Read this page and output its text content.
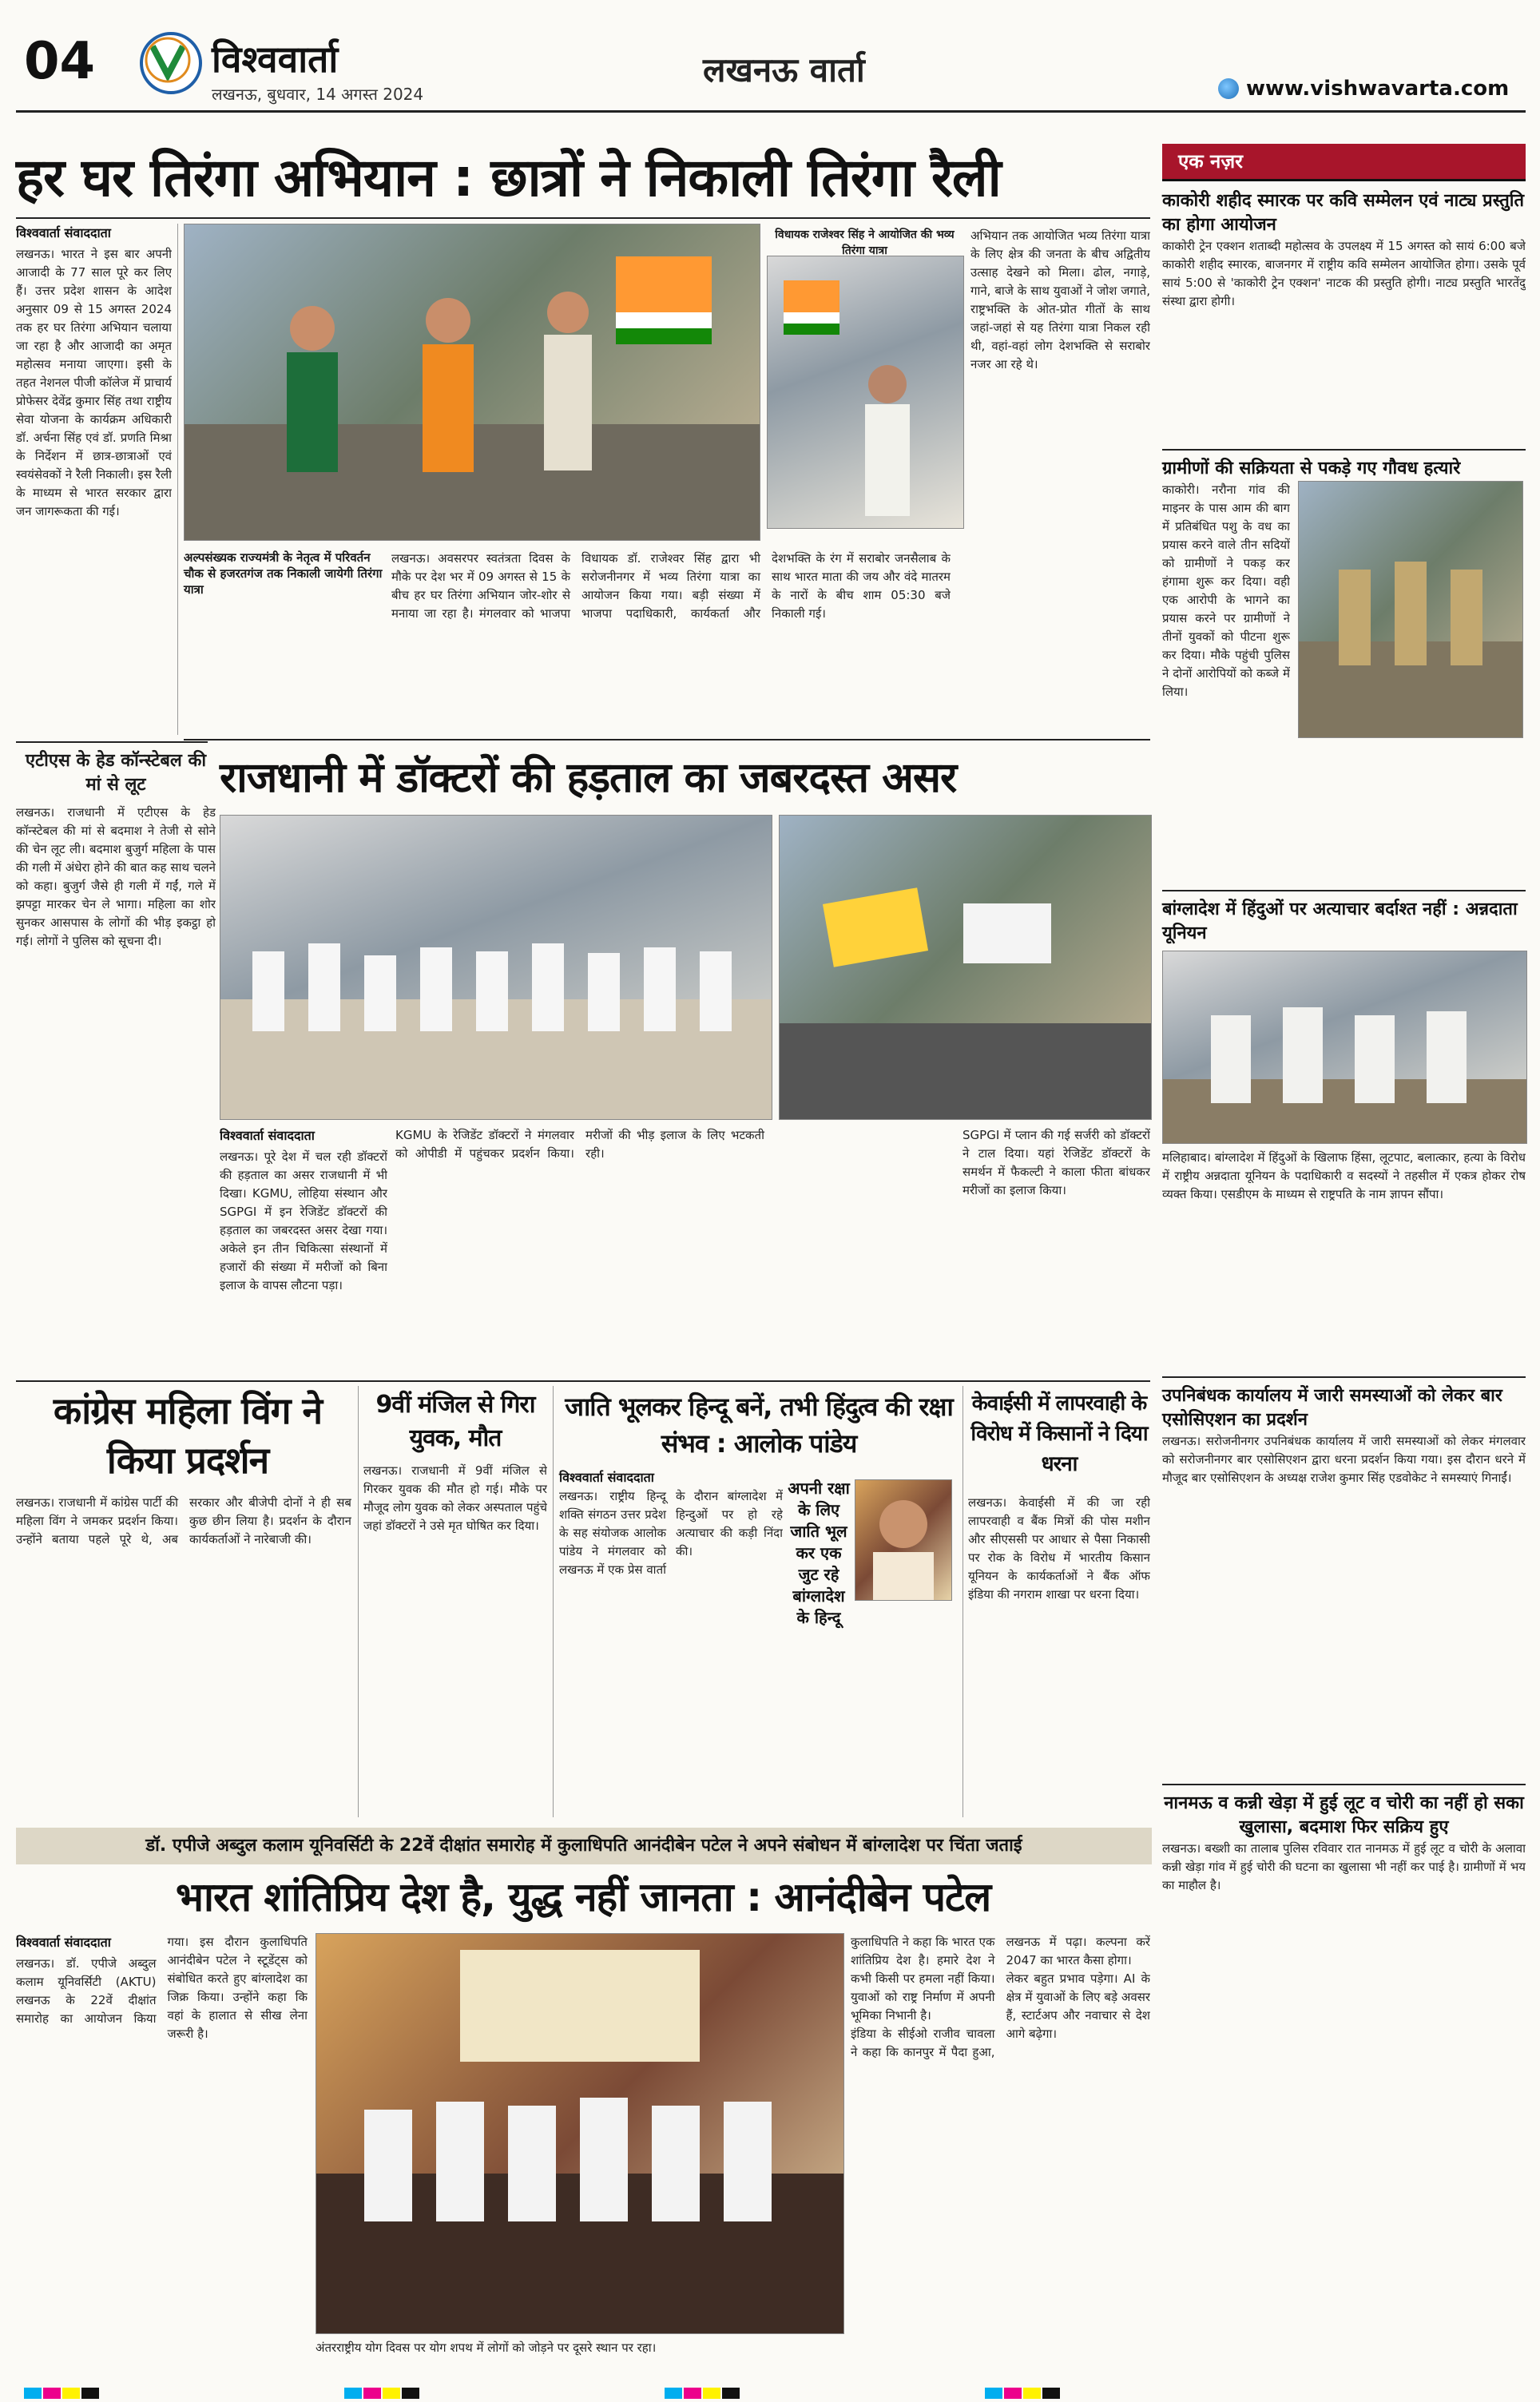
04	विश्ववार्ता
लखनऊ, बुधवार, 14 अगस्त 2024
लखनऊ वार्ता	www.vishwavarta.com
हर घर तिरंगा अभियान : छात्रों ने निकाली तिरंगा रैली
विश्ववार्ता संवाददाता
लखनऊ। भारत ने इस बार अपनी आजादी के 77 साल पूरे कर लिए हैं। उत्तर प्रदेश शासन के आदेश अनुसार 09 से 15 अगस्त 2024 तक हर घर तिरंगा अभियान चलाया जा रहा है और आजादी का अमृत महोत्सव मनाया जाएगा। इसी के तहत नेशनल पीजी कॉलेज में प्राचार्य प्रोफेसर देवेंद्र कुमार सिंह तथा राष्ट्रीय सेवा योजना के कार्यक्रम अधिकारी डॉ. अर्चना सिंह एवं डॉ. प्रणति मिश्रा के निर्देशन में छात्र-छात्राओं एवं स्वयंसेवकों ने रैली निकाली। इस रैली के माध्यम से भारत सरकार द्वारा जन जागरूकता की गई।
विधायक राजेश्वर सिंह ने आयोजित की भव्य तिरंगा यात्रा
अभियान तक आयोजित भव्य तिरंगा यात्रा के लिए क्षेत्र की जनता के बीच अद्वितीय उत्साह देखने को मिला। ढोल, नगाड़े, गाने, बाजे के साथ युवाओं ने जोश जगाते, राष्ट्रभक्ति के ओत-प्रोत गीतों के साथ जहां-जहां से यह तिरंगा यात्रा निकल रही थी, वहां-वहां लोग देशभक्ति से सराबोर नजर आ रहे थे।
अल्पसंख्यक राज्यमंत्री के नेतृत्व में परिवर्तन चौक से हजरतगंज तक निकाली जायेगी तिरंगा यात्रा
लखनऊ। अवसरपर स्वतंत्रता दिवस के मौके पर देश भर में 09 अगस्त से 15 के बीच हर घर तिरंगा अभियान जोर-शोर से मनाया जा रहा है। मंगलवार को भाजपा विधायक डॉ. राजेश्वर सिंह द्वारा भी सरोजनीनगर में भव्य तिरंगा यात्रा का आयोजन किया गया। बड़ी संख्या में भाजपा पदाधिकारी, कार्यकर्ता और देशभक्ति के रंग में सराबोर जनसैलाब के साथ भारत माता की जय और वंदे मातरम के नारों के बीच शाम 05:30 बजे निकाली गई।
एटीएस के हेड कॉन्स्टेबल की मां से लूट
लखनऊ। राजधानी में एटीएस के हेड कॉन्स्टेबल की मां से बदमाश ने तेजी से सोने की चेन लूट ली। बदमाश बुजुर्ग महिला के पास की गली में अंधेरा होने की बात कह साथ चलने को कहा। बुजुर्ग जैसे ही गली में गईं, गले में झपट्टा मारकर चेन ले भागा। महिला का शोर सुनकर आसपास के लोगों की भीड़ इकट्ठा हो गई। लोगों ने पुलिस को सूचना दी।
राजधानी में डॉक्टरों की हड़ताल का जबरदस्त असर
विश्ववार्ता संवाददाता
लखनऊ। पूरे देश में चल रही डॉक्टरों की हड़ताल का असर राजधानी में भी दिखा। KGMU, लोहिया संस्थान और SGPGI में इन रेजिडेंट डॉक्टरों की हड़ताल का जबरदस्त असर देखा गया। अकेले इन तीन चिकित्सा संस्थानों में हजारों की संख्या में मरीजों को बिना इलाज के वापस लौटना पड़ा।
KGMU के रेजिडेंट डॉक्टरों ने मंगलवार को ओपीडी में पहुंचकर प्रदर्शन किया। मरीजों की भीड़ इलाज के लिए भटकती रही।
SGPGI में प्लान की गई सर्जरी को डॉक्टरों ने टाल दिया। यहां रेजिडेंट डॉक्टरों के समर्थन में फैकल्टी ने काला फीता बांधकर मरीजों का इलाज किया।
कांग्रेस महिला विंग ने किया प्रदर्शन
लखनऊ। राजधानी में कांग्रेस पार्टी की महिला विंग ने जमकर प्रदर्शन किया। उन्होंने बताया पहले पूरे थे, अब सरकार और बीजेपी दोनों ने ही सब कुछ छीन लिया है। प्रदर्शन के दौरान कार्यकर्ताओं ने नारेबाजी की।
9वीं मंजिल से गिरा युवक, मौत
लखनऊ। राजधानी में 9वीं मंजिल से गिरकर युवक की मौत हो गई। मौके पर मौजूद लोग युवक को लेकर अस्पताल पहुंचे जहां डॉक्टरों ने उसे मृत घोषित कर दिया।
जाति भूलकर हिन्दू बनें, तभी हिंदुत्व की रक्षा संभव : आलोक पांडेय
विश्ववार्ता संवाददाता
अपनी रक्षा के लिए जाति भूल कर एक जुट रहे बांग्लादेश के हिन्दू
लखनऊ। राष्ट्रीय हिन्दू शक्ति संगठन उत्तर प्रदेश के सह संयोजक आलोक पांडेय ने मंगलवार को लखनऊ में एक प्रेस वार्ता के दौरान बांग्लादेश में हिन्दुओं पर हो रहे अत्याचार की कड़ी निंदा की।
केवाईसी में लापरवाही के विरोध में किसानों ने दिया धरना
लखनऊ। केवाईसी में की जा रही लापरवाही व बैंक मित्रों की पोस मशीन और सीएससी पर आधार से पैसा निकासी पर रोक के विरोध में भारतीय किसान यूनियन के कार्यकर्ताओं ने बैंक ऑफ इंडिया की नगराम शाखा पर धरना दिया।
डॉ. एपीजे अब्दुल कलाम यूनिवर्सिटी के 22वें दीक्षांत समारोह में कुलाधिपति आनंदीबेन पटेल ने अपने संबोधन में बांग्लादेश पर चिंता जताई
भारत शांतिप्रिय देश है, युद्ध नहीं जानता : आनंदीबेन पटेल
विश्ववार्ता संवाददाता
लखनऊ। डॉ. एपीजे अब्दुल कलाम यूनिवर्सिटी (AKTU) लखनऊ के 22वें दीक्षांत समारोह का आयोजन किया गया। इस दौरान कुलाधिपति आनंदीबेन पटेल ने स्टूडेंट्स को संबोधित करते हुए बांग्लादेश का जिक्र किया। उन्होंने कहा कि वहां के हालात से सीख लेना जरूरी है।
अंतरराष्ट्रीय योग दिवस पर योग शपथ में लोगों को जोड़ने पर दूसरे स्थान पर रहा।
कुलाधिपति ने कहा कि भारत एक शांतिप्रिय देश है। हमारे देश ने कभी किसी पर हमला नहीं किया। युवाओं को राष्ट्र निर्माण में अपनी भूमिका निभानी है।
इंडिया के सीईओ राजीव चावला ने कहा कि कानपुर में पैदा हुआ, लखनऊ में पढ़ा। कल्पना करें 2047 का भारत कैसा होगा।
लेकर बहुत प्रभाव पड़ेगा। AI के क्षेत्र में युवाओं के लिए बड़े अवसर हैं, स्टार्टअप और नवाचार से देश आगे बढ़ेगा।
एक नज़र
काकोरी शहीद स्मारक पर कवि सम्मेलन एवं नाट्य प्रस्तुति का होगा आयोजन
काकोरी ट्रेन एक्शन शताब्दी महोत्सव के उपलक्ष्य में 15 अगस्त को सायं 6:00 बजे काकोरी शहीद स्मारक, बाजनगर में राष्ट्रीय कवि सम्मेलन आयोजित होगा। उसके पूर्व सायं 5:00 से 'काकोरी ट्रेन एक्शन' नाटक की प्रस्तुति होगी। नाट्य प्रस्तुति भारतेंदु संस्था द्वारा होगी।
ग्रामीणों की सक्रियता से पकड़े गए गौवध हत्यारे
काकोरी। नरौना गांव की माइनर के पास आम की बाग में प्रतिबंधित पशु के वध का प्रयास करने वाले तीन सदियों को ग्रामीणों ने पकड़ कर हंगामा शुरू कर दिया। वही एक आरोपी के भागने का प्रयास करने पर ग्रामीणों ने तीनों युवकों को पीटना शुरू कर दिया। मौके पहुंची पुलिस ने दोनों आरोपियों को कब्जे में लिया।
बांग्लादेश में हिंदुओं पर अत्याचार बर्दाश्त नहीं : अन्नदाता यूनियन
मलिहाबाद। बांग्लादेश में हिंदुओं के खिलाफ हिंसा, लूटपाट, बलात्कार, हत्या के विरोध में राष्ट्रीय अन्नदाता यूनियन के पदाधिकारी व सदस्यों ने तहसील में एकत्र होकर रोष व्यक्त किया। एसडीएम के माध्यम से राष्ट्रपति के नाम ज्ञापन सौंपा।
उपनिबंधक कार्यालय में जारी समस्याओं को लेकर बार एसोसिएशन का प्रदर्शन
लखनऊ। सरोजनीनगर उपनिबंधक कार्यालय में जारी समस्याओं को लेकर मंगलवार को सरोजनीनगर बार एसोसिएशन द्वारा धरना प्रदर्शन किया गया। इस दौरान धरने में मौजूद बार एसोसिएशन के अध्यक्ष राजेश कुमार सिंह एडवोकेट ने समस्याएं गिनाईं।
नानमऊ व कन्नी खेड़ा में हुई लूट व चोरी का नहीं हो सका खुलासा, बदमाश फिर सक्रिय हुए
लखनऊ। बख्शी का तालाब पुलिस रविवार रात नानमऊ में हुई लूट व चोरी के अलावा कन्नी खेड़ा गांव में हुई चोरी की घटना का खुलासा भी नहीं कर पाई है। ग्रामीणों में भय का माहौल है।
